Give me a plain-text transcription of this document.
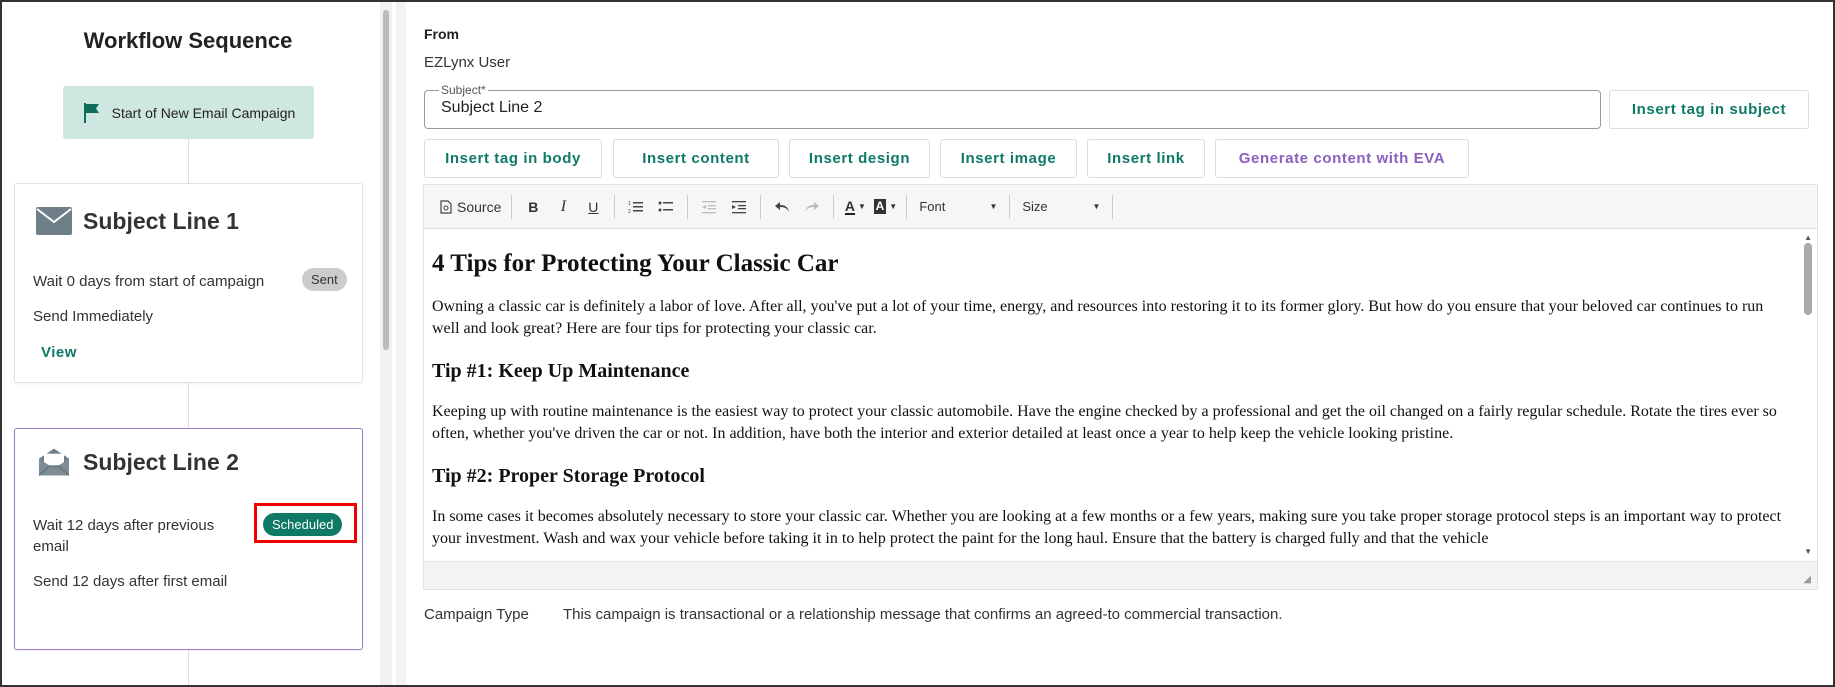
Workflow Sequence
Start of New Email Campaign
Subject Line 1
Wait 0 days from start of campaign	Sent
Send Immediately
View
Subject Line 2
Wait 12 days after previous
email
Scheduled
Send 12 days after first email
From
EZLynx User
Subject*
Subject Line 2
Insert tag in subject
Insert tag in body	Insert content	Insert design	Insert image	Insert link	Generate content with EVA
Source	B	I	U	1
2	A ▼ A ▼ Font	▼ Size	▼
4 Tips for Protecting Your Classic Car

Owning a classic car is definitely a labor of love. After all, you've put a lot of your time, energy, and resources into restoring it to its former glory. But how do you ensure that your beloved car continues to run well and look great? Here are four tips for protecting your classic car.

Tip #1: Keep Up Maintenance

Keeping up with routine maintenance is the easiest way to protect your classic automobile. Have the engine checked by a professional and get the oil changed on a fairly regular schedule. Rotate the tires ever so often, whether you've driven the car or not. In addition, have both the interior and exterior detailed at least once a year to help keep the vehicle looking pristine.

Tip #2: Proper Storage Protocol

In some cases it becomes absolutely necessary to store your classic car. Whether you are looking at a few months or a few years, making sure you take proper storage protocol steps is an important way to protect your investment. Wash and wax your vehicle before taking it in to help protect the paint for the long haul. Ensure that the battery is charged fully and that the vehicle

▲
▼
◢
Campaign Type This campaign is transactional or a relationship message that confirms an agreed-to commercial transaction.
